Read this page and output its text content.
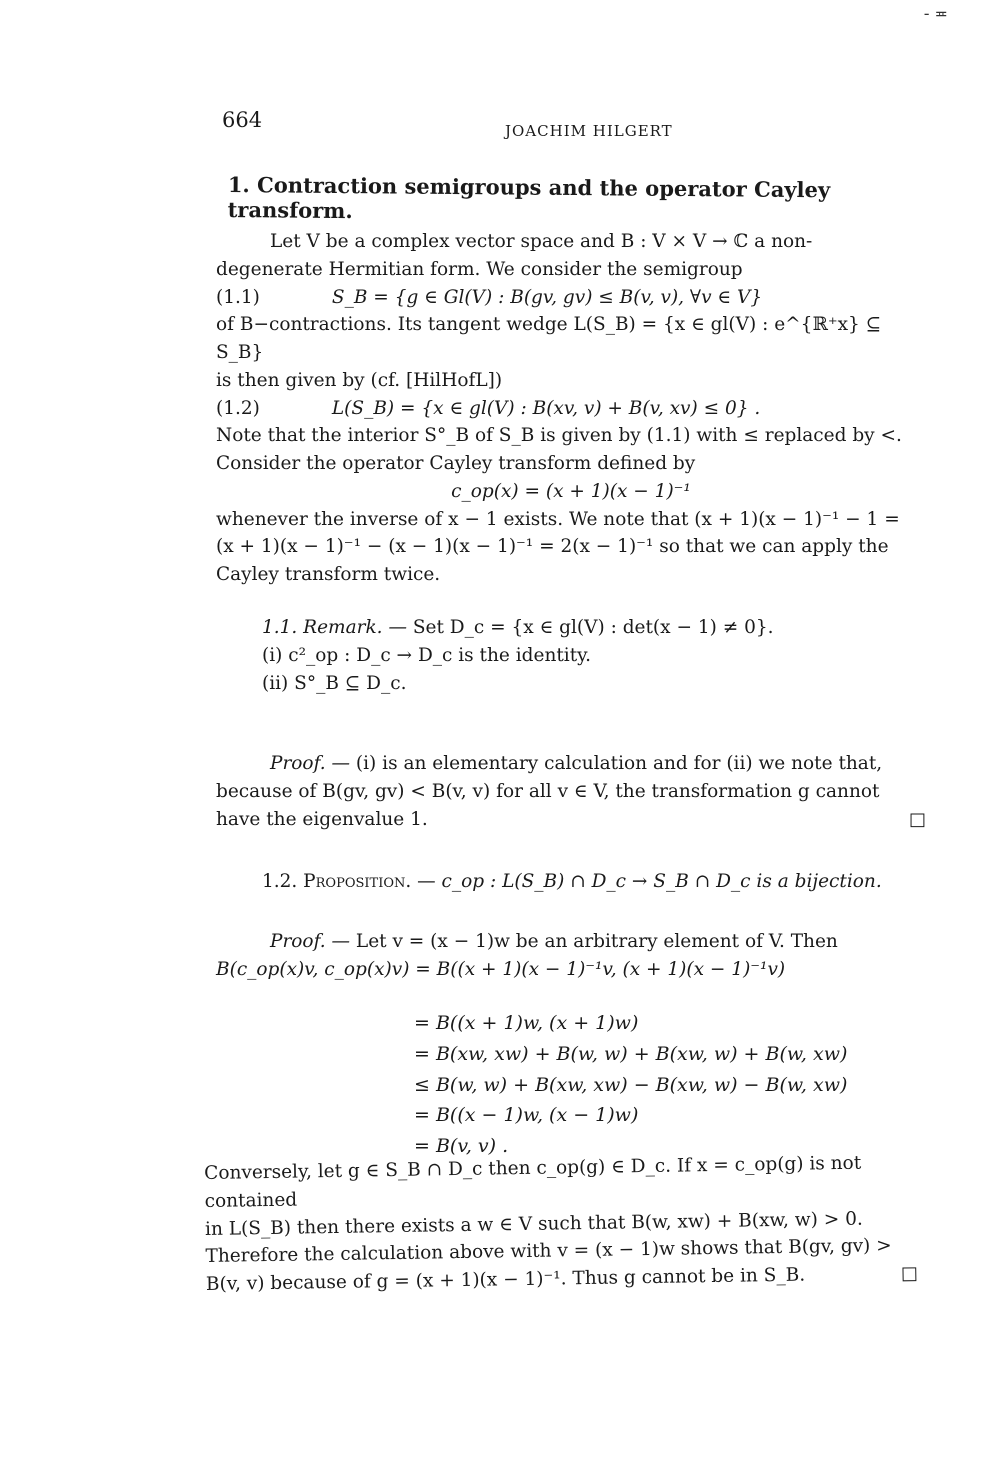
- ≖
664	JOACHIM HILGERT
1. Contraction semigroups and the operator Cayley transform.
Let V be a complex vector space and B : V × V → ℂ a non-
degenerate Hermitian form. We consider the semigroup
(1.1)	S_B = {g ∈ Gl(V) : B(gv, gv) ≤ B(v, v), ∀v ∈ V}
of B−contractions. Its tangent wedge L(S_B) = {x ∈ gl(V) : e^{ℝ⁺x} ⊆ S_B}
is then given by (cf. [HilHofL])
(1.2)	L(S_B) = {x ∈ gl(V) : B(xv, v) + B(v, xv) ≤ 0} .
Note that the interior S°_B of S_B is given by (1.1) with ≤ replaced by <.
Consider the operator Cayley transform defined by
c_op(x) = (x + 1)(x − 1)⁻¹
whenever the inverse of x − 1 exists. We note that (x + 1)(x − 1)⁻¹ − 1 =
(x + 1)(x − 1)⁻¹ − (x − 1)(x − 1)⁻¹ = 2(x − 1)⁻¹ so that we can apply the
Cayley transform twice.
1.1. Remark. — Set D_c = {x ∈ gl(V) : det(x − 1) ≠ 0}.
(i) c²_op : D_c → D_c is the identity.
(ii) S°_B ⊆ D_c.
Proof. — (i) is an elementary calculation and for (ii) we note that,
because of B(gv, gv) < B(v, v) for all v ∈ V, the transformation g cannot
have the eigenvalue 1.	□
1.2. Proposition. — c_op : L(S_B) ∩ D_c → S_B ∩ D_c is a bijection.
Proof. — Let v = (x − 1)w be an arbitrary element of V. Then
B(c_op(x)v, c_op(x)v) = B((x + 1)(x − 1)⁻¹v, (x + 1)(x − 1)⁻¹v)
= B((x + 1)w, (x + 1)w)
= B(xw, xw) + B(w, w) + B(xw, w) + B(w, xw)
≤ B(w, w) + B(xw, xw) − B(xw, w) − B(w, xw)
= B((x − 1)w, (x − 1)w)
= B(v, v) .
Conversely, let g ∈ S_B ∩ D_c then c_op(g) ∈ D_c. If x = c_op(g) is not contained
in L(S_B) then there exists a w ∈ V such that B(w, xw) + B(xw, w) > 0.
Therefore the calculation above with v = (x − 1)w shows that B(gv, gv) >
B(v, v) because of g = (x + 1)(x − 1)⁻¹. Thus g cannot be in S_B.	□
